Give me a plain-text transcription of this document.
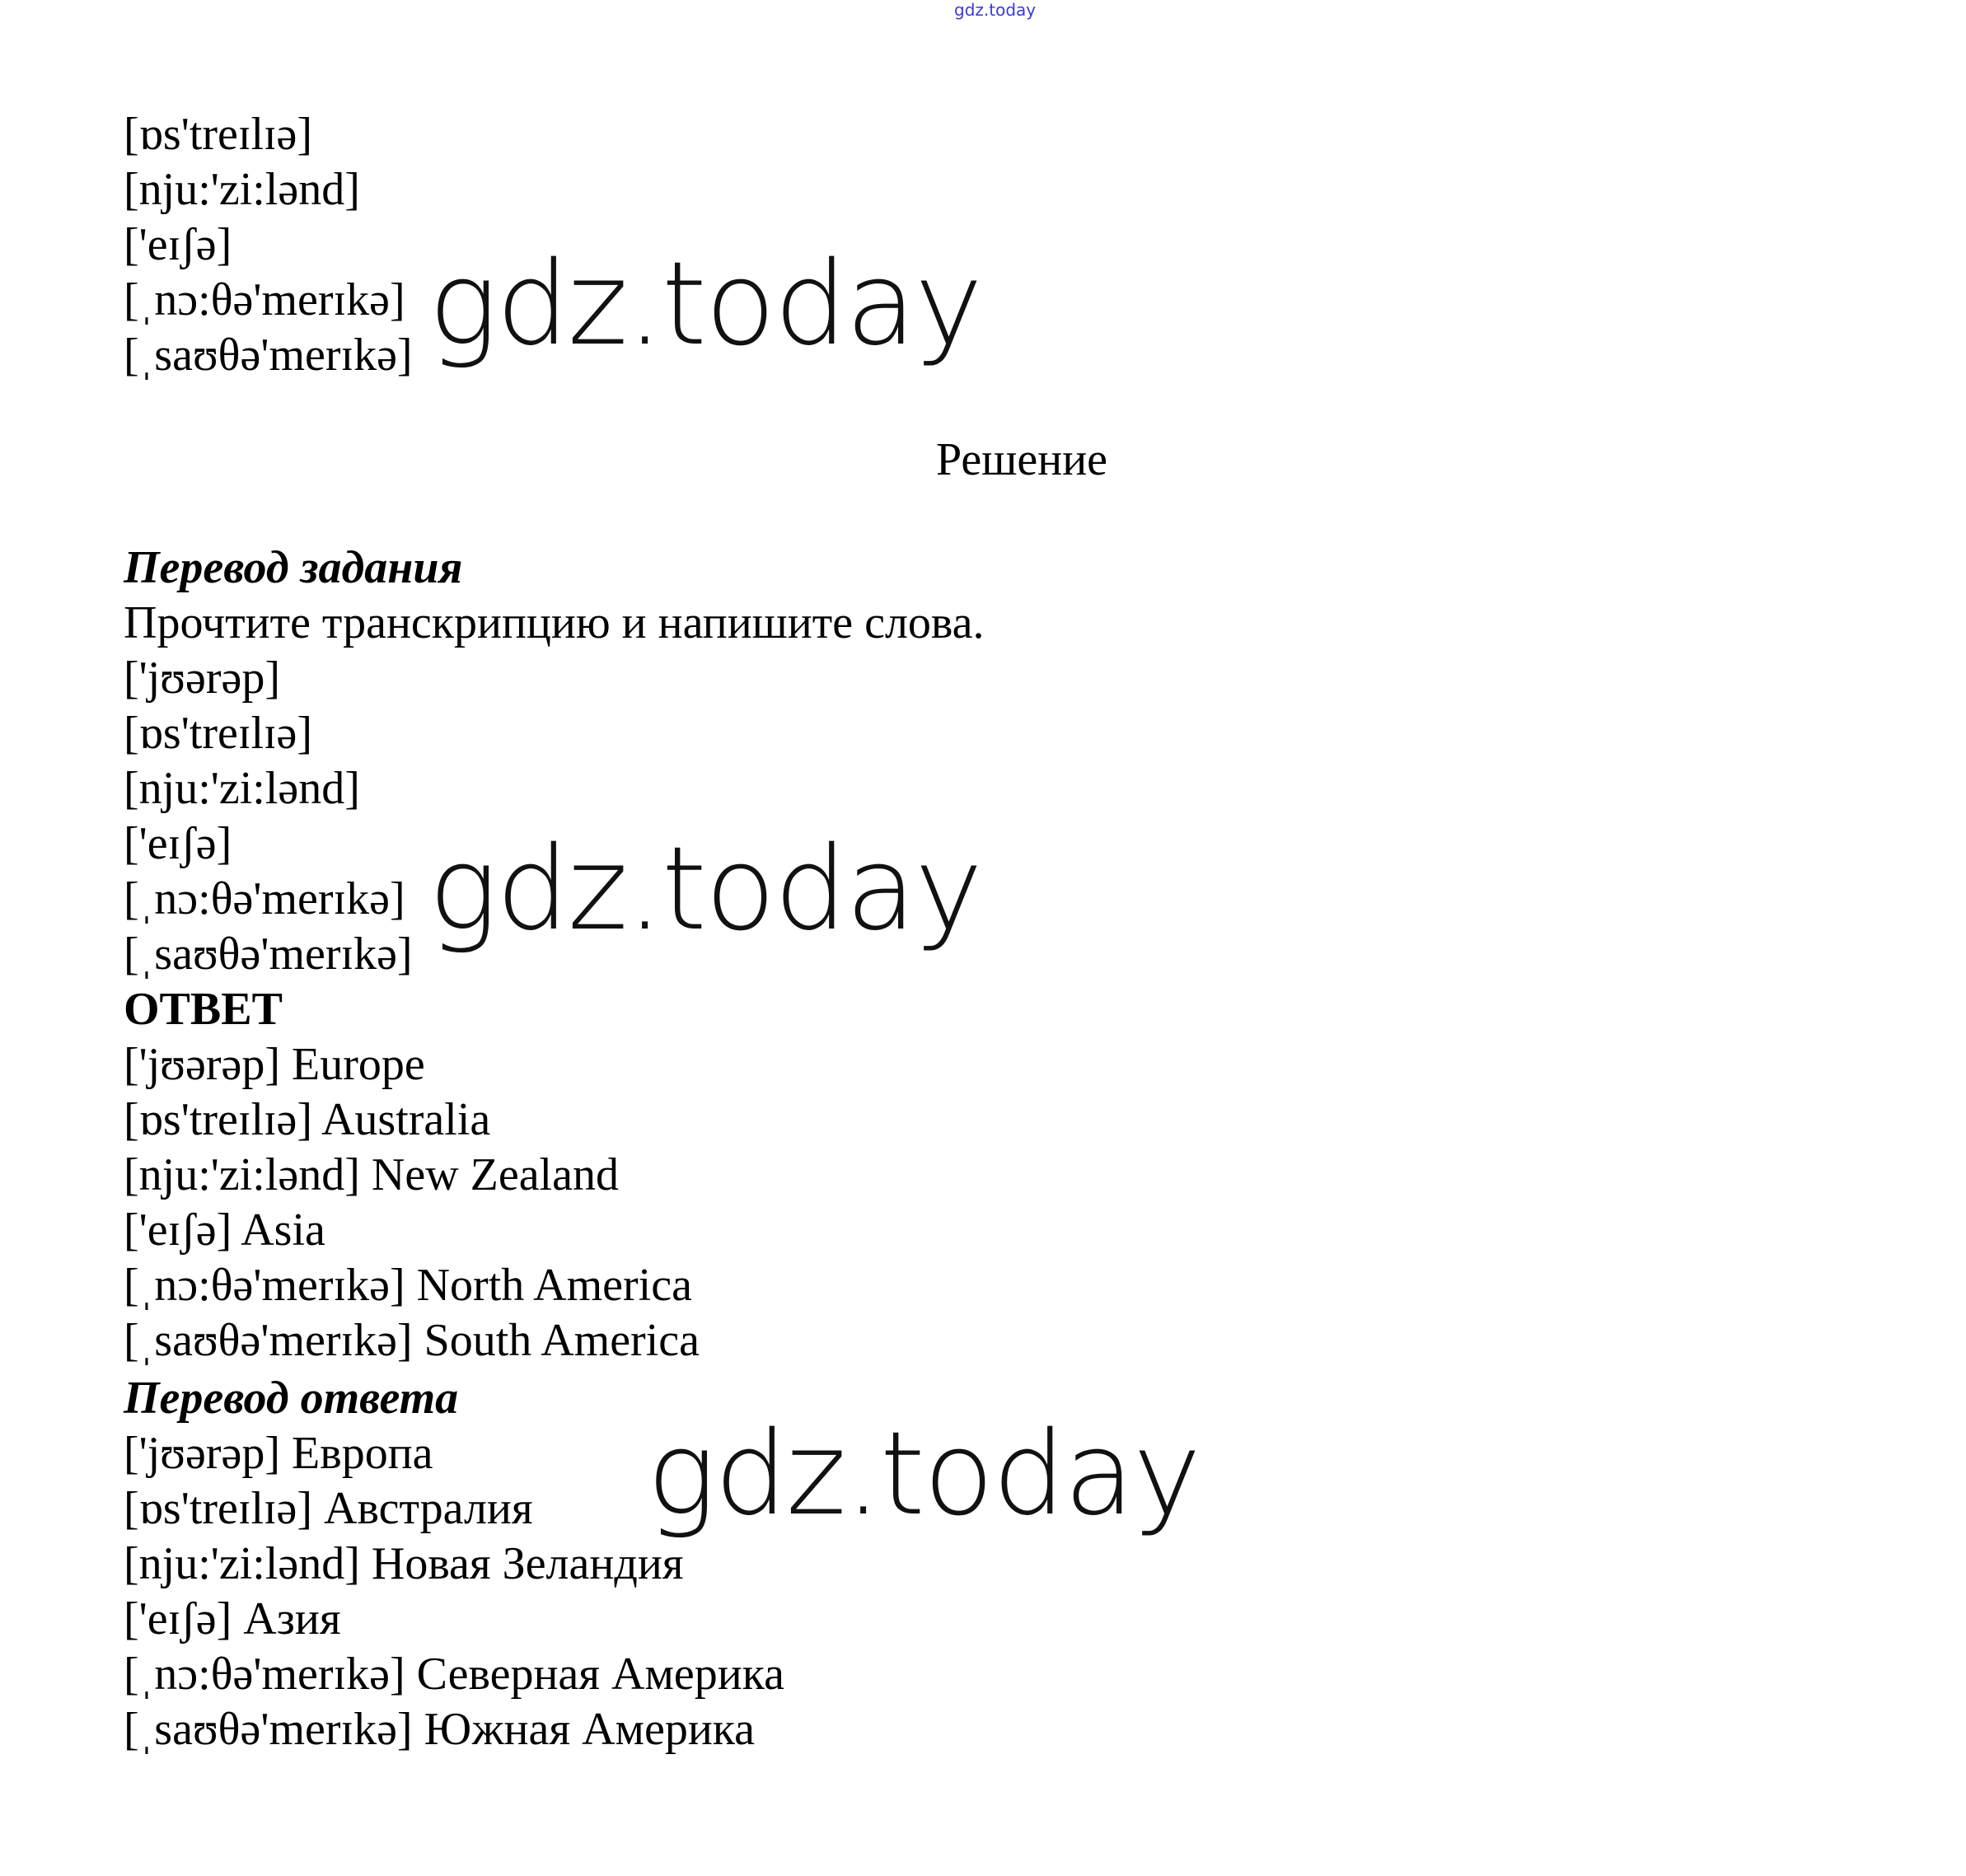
gdz.today
[ɒs'treɪlɪə]
[nju:'zi:lənd]
['eɪʃə]
[ˌnɔ:θə'merɪkə]
[ˌsaʊθə'merɪkə] gdz.today
Решение
Перевод задания
Прочтите транскрипцию и напишите слова.
['jʊərəp]
[ɒs'treɪlɪə]
[nju:'zi:lənd]
['eɪʃə]
[ˌnɔ:θə'merɪkə]
[ˌsaʊθə'merɪkə] gdz.today
ОТВЕТ
['jʊərəp] Europe
[ɒs'treɪlɪə] Australia
[nju:'zi:lənd] New Zealand
['eɪʃə] Asia
[ˌnɔ:θə'merɪkə] North America
[ˌsaʊθə'merɪkə] South America
Перевод ответа
['jʊərəp] Европа
[ɒs'treɪlɪə] Австралия
[nju:'zi:lənd] Новая Зеландия
['eɪʃə] Азия
[ˌnɔ:θə'merɪkə] Северная Америка
[ˌsaʊθə'merɪkə] Южная Америка
gdz.today
